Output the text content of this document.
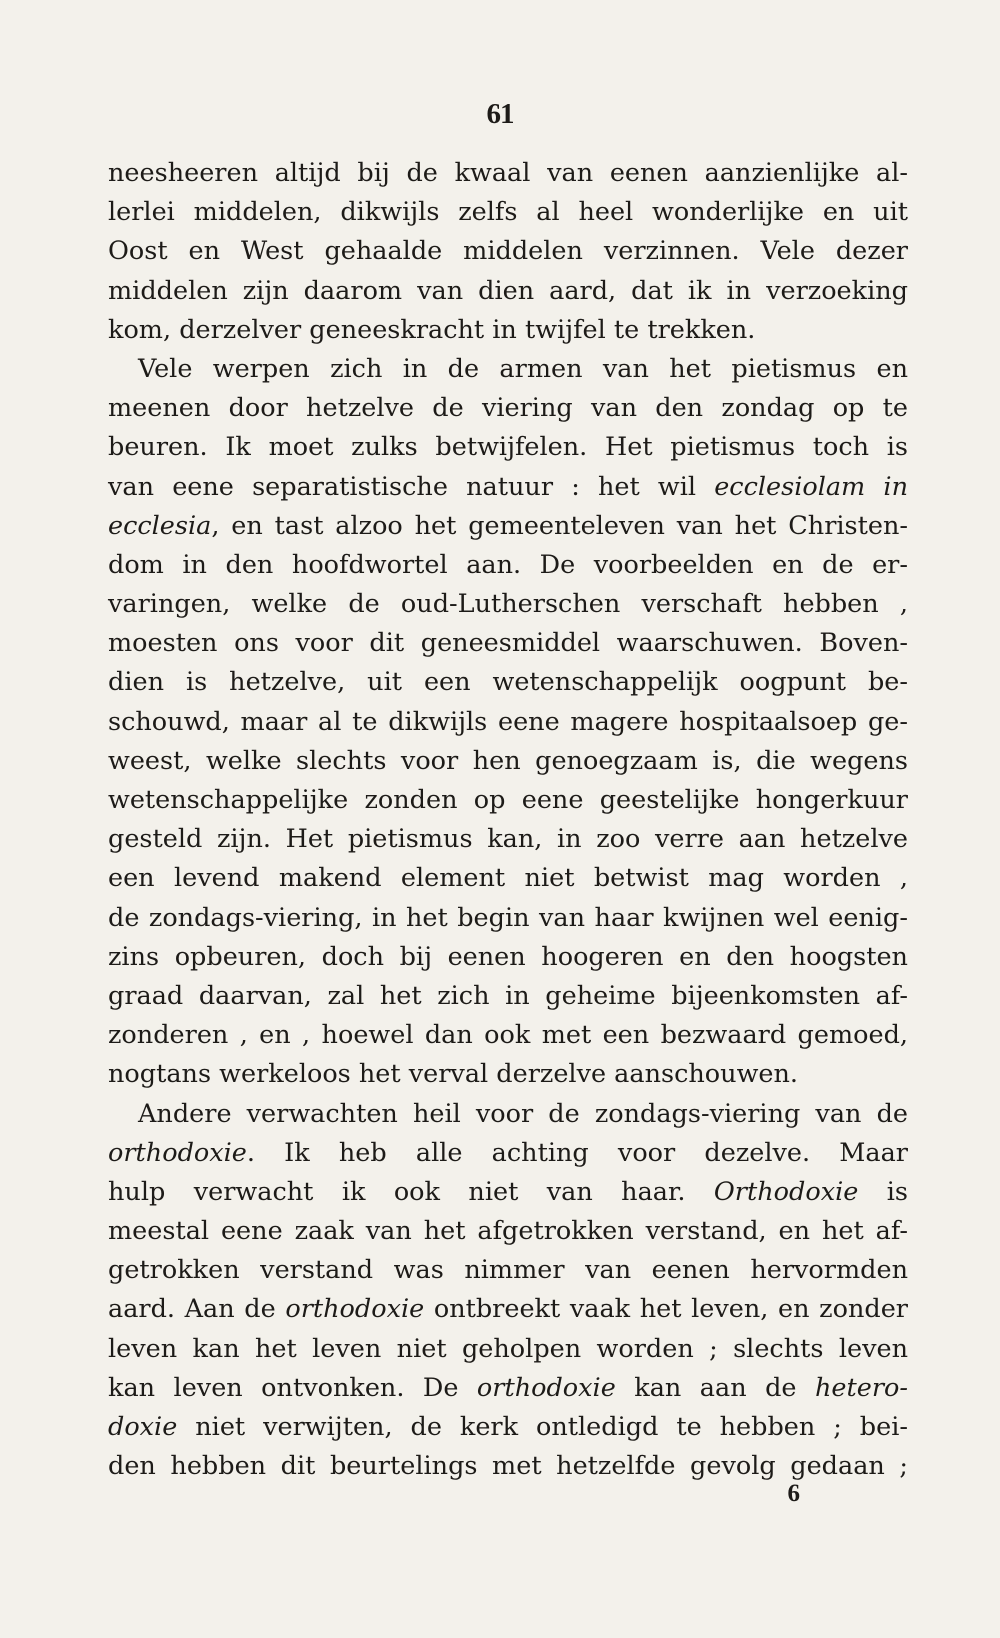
61
neesheeren altijd bij de kwaal van eenen aanzienlijke al-
lerlei middelen, dikwijls zelfs al heel wonderlijke en uit
Oost en West gehaalde middelen verzinnen. Vele dezer
middelen zijn daarom van dien aard, dat ik in verzoeking
kom, derzelver geneeskracht in twijfel te trekken.
Vele werpen zich in de armen van het pietismus en
meenen door hetzelve de viering van den zondag op te
beuren. Ik moet zulks betwijfelen. Het pietismus toch is
van eene separatistische natuur : het wil ecclesiolam in
ecclesia, en tast alzoo het gemeenteleven van het Christen-
dom in den hoofdwortel aan. De voorbeelden en de er-
varingen, welke de oud-Lutherschen verschaft hebben ,
moesten ons voor dit geneesmiddel waarschuwen. Boven-
dien is hetzelve, uit een wetenschappelijk oogpunt be-
schouwd, maar al te dikwijls eene magere hospitaalsoep ge-
weest, welke slechts voor hen genoegzaam is, die wegens
wetenschappelijke zonden op eene geestelijke hongerkuur
gesteld zijn. Het pietismus kan, in zoo verre aan hetzelve
een levend makend element niet betwist mag worden ,
de zondags-viering, in het begin van haar kwijnen wel eenig-
zins opbeuren, doch bij eenen hoogeren en den hoogsten
graad daarvan, zal het zich in geheime bijeenkomsten af-
zonderen , en , hoewel dan ook met een bezwaard gemoed,
nogtans werkeloos het verval derzelve aanschouwen.
Andere verwachten heil voor de zondags-viering van de
orthodoxie. Ik heb alle achting voor dezelve. Maar
hulp verwacht ik ook niet van haar. Orthodoxie is
meestal eene zaak van het afgetrokken verstand, en het af-
getrokken verstand was nimmer van eenen hervormden
aard. Aan de orthodoxie ontbreekt vaak het leven, en zonder
leven kan het leven niet geholpen worden ; slechts leven
kan leven ontvonken. De orthodoxie kan aan de hetero-
doxie niet verwijten, de kerk ontledigd te hebben ; bei-
den hebben dit beurtelings met hetzelfde gevolg gedaan ;
6
